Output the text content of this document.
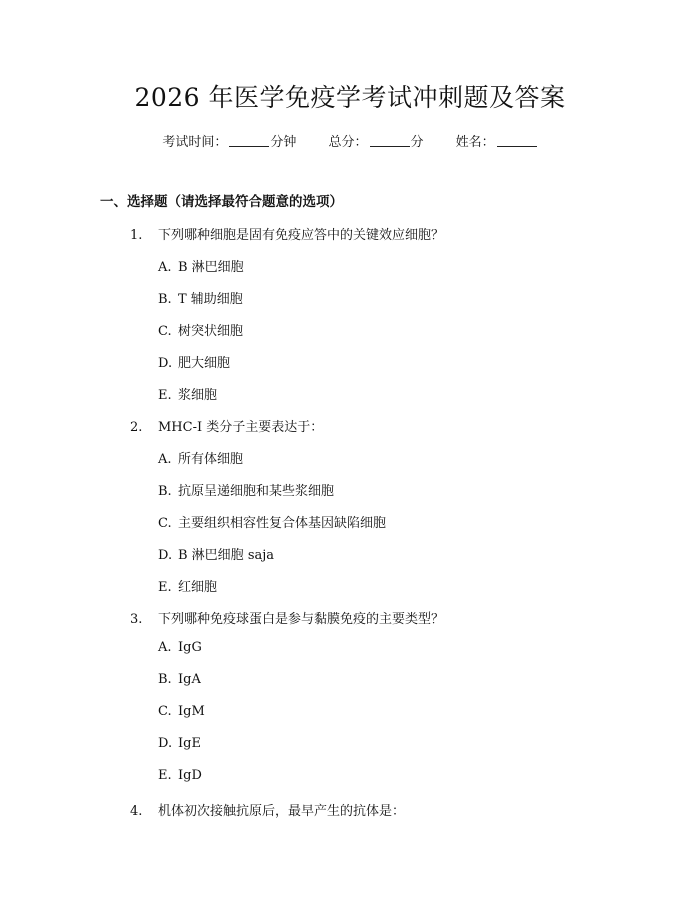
2026 年医学免疫学考试冲刺题及答案
考试时间：	分钟 总分：	分 姓名：
一、选择题（请选择最符合题意的选项）
1. 下列哪种细胞是固有免疫应答中的关键效应细胞？
A. B 淋巴细胞
B. T 辅助细胞
C. 树突状细胞
D. 肥大细胞
E. 浆细胞
2. MHC-I 类分子主要表达于：
A. 所有体细胞
B. 抗原呈递细胞和某些浆细胞
C. 主要组织相容性复合体基因缺陷细胞
D. B 淋巴细胞 saja
E. 红细胞
3. 下列哪种免疫球蛋白是参与黏膜免疫的主要类型？
A. IgG
B. IgA
C. IgM
D. IgE
E. IgD
4. 机体初次接触抗原后，最早产生的抗体是：
